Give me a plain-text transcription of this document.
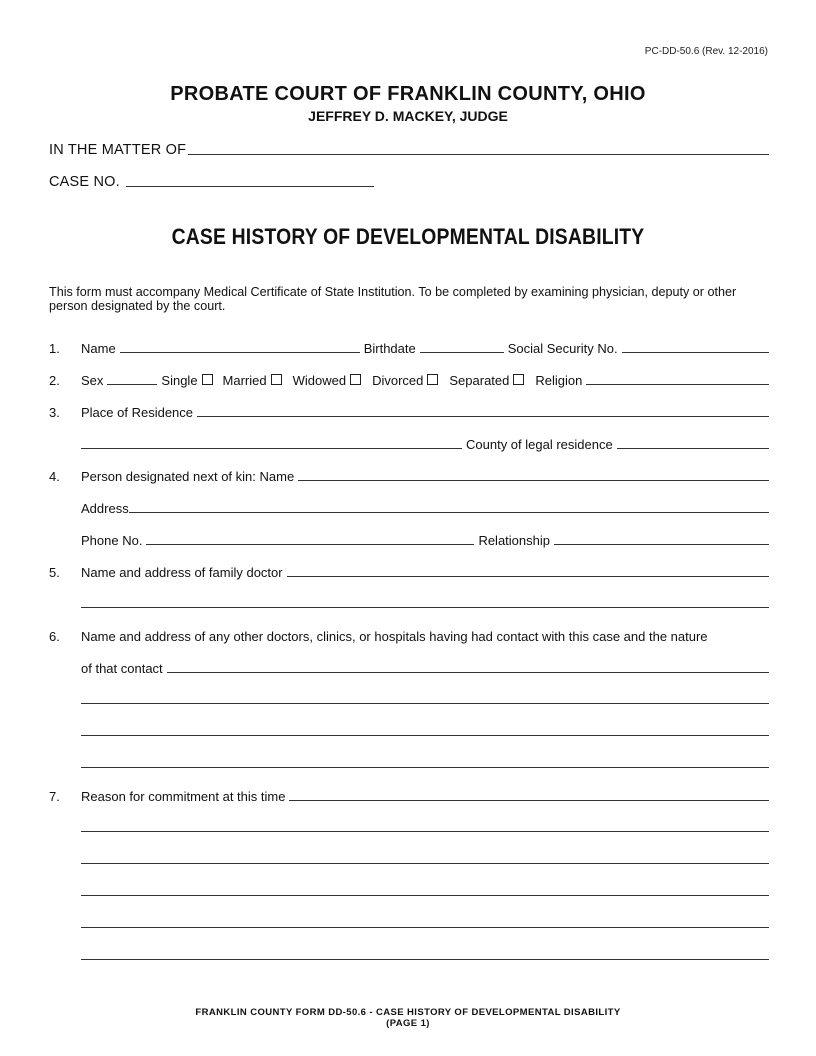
PC-DD-50.6 (Rev. 12-2016)
PROBATE COURT OF FRANKLIN COUNTY, OHIO
JEFFREY D. MACKEY, JUDGE
IN THE MATTER OF
CASE NO.
CASE HISTORY OF DEVELOPMENTAL DISABILITY
This form must accompany Medical Certificate of State Institution. To be completed by examining physician, deputy or other person designated by the court.
1.	Name	Birthdate	Social Security No.
2.	Sex	Single Married Widowed Divorced Separated Religion
3.	Place of Residence
County of legal residence
4.	Person designated next of kin: Name
Address
Phone No.	Relationship
5.	Name and address of family doctor
6.	Name and address of any other doctors, clinics, or hospitals having had contact with this case and the nature
of that contact
7.	Reason for commitment at this time
FRANKLIN COUNTY FORM DD-50.6 - CASE HISTORY OF DEVELOPMENTAL DISABILITY
(PAGE 1)
